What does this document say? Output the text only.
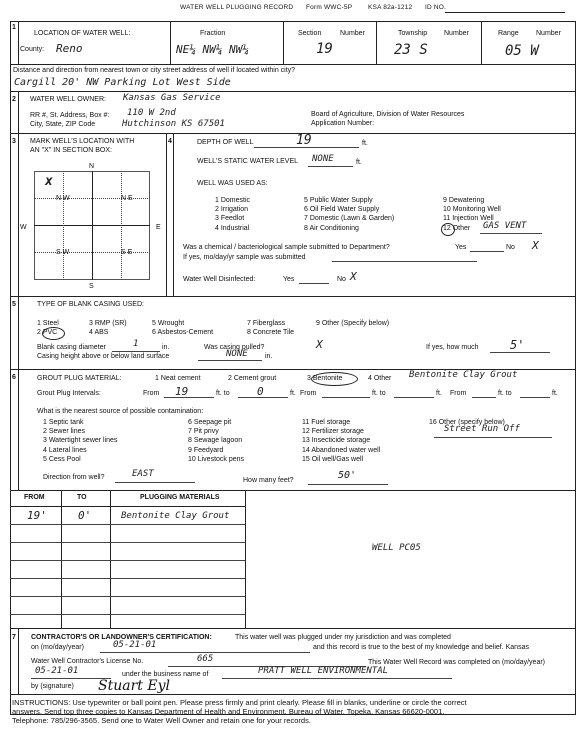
WATER WELL PLUGGING RECORD Form WWC-5P KSA 82a-1212 ID NO.
1
LOCATION OF WATER WELL:
County: Reno
Fraction
NE¼ NW¼ NW¼
Section	Number
19
Township Number
23 S
Range Number
05 W
Distance and direction from nearest town or city street address of well if located within city?
Cargill 20' NW Parking Lot West Side
2 WATER WELL OWNER: Kansas Gas Service
RR #, St. Address, Box #: 110 W 2nd
City, State, ZIP Code	Hutchinson KS 67501
Board of Agriculture, Division of Water Resources
Application Number:
3 MARK WELL'S LOCATION WITH
AN "X" IN SECTION BOX:
4
N
S
W	E
N W	N E
S W	S E
x
DEPTH OF WELL	19	ft.
WELL'S STATIC WATER LEVEL NONE	ft.
WELL WAS USED AS:
1 Domestic
2 Irrigation
3 Feedlot
4 Industrial
5 Public Water Supply
6 Oil Field Water Supply
7 Domestic (Lawn & Garden)
8 Air Conditioning
9 Dewatering
10 Monitoring Well
11 Injection Well
12 Other GAS VENT
Was a chemical / bacteriological sample submitted to Department?	Yes	No X
If yes, mo/day/yr sample was submitted
Water Well Disinfected:	Yes	No X
5	TYPE OF BLANK CASING USED:
1 Steel
2 PVC
3 RMP (SR)
4 ABS
5 Wrought
6 Asbestos-Cement
7 Fiberglass
8 Concrete Tile
9 Other (Specify below)
Blank casing diameter	1	in.	Was casing pulled?	X	If yes, how much	5'
Casing height above or below land surface	NONE in.
6	GROUT PLUG MATERIAL:	1 Neat cement	2 Cement grout	3 Bentonite	4 Other Bentonite Clay Grout
Grout Plug Intervals:	From 19	ft. to 0	ft. From	ft. to	ft. From	ft. to	ft.
What is the nearest source of possible contamination:
1 Septic tank
2 Sewer lines
3 Watertight sewer lines
4 Lateral lines
5 Cess Pool
6 Seepage pit
7 Pit privy
8 Sewage lagoon
9 Feedyard
10 Livestock pens
11 Fuel storage
12 Fertilizer storage
13 Insecticide storage
14 Abandoned water well
15 Oil well/Gas well
16 Other (specify below)
Street Run Off
Direction from well?	EAST
How many feet?	50'
FROM	TO	PLUGGING MATERIALS
19'	0'	Bentonite Clay Grout
WELL PC05
7 CONTRACTOR'S OR LANDOWNER'S CERTIFICATION:	This water well was plugged under my jurisdiction and was completed
on (mo/day/year)	05-21-01	and this record is true to the best of my knowledge and belief. Kansas
Water Well Contractor's License No.	665	This Water Well Record was completed on (mo/day/year)
05-21-01	under the business name of	PRATT WELL ENVIRONMENTAL
by (signature) Stuart Eyl
INSTRUCTIONS: Use typewriter or ball point pen. Please press firmly and print clearly. Please fill in blanks, underline or circle the correct
answers. Send top three copies to Kansas Department of Health and Environment, Bureau of Water, Topeka, Kansas 66620-0001.
Telephone: 785/296-3565. Send one to Water Well Owner and retain one for your records.
